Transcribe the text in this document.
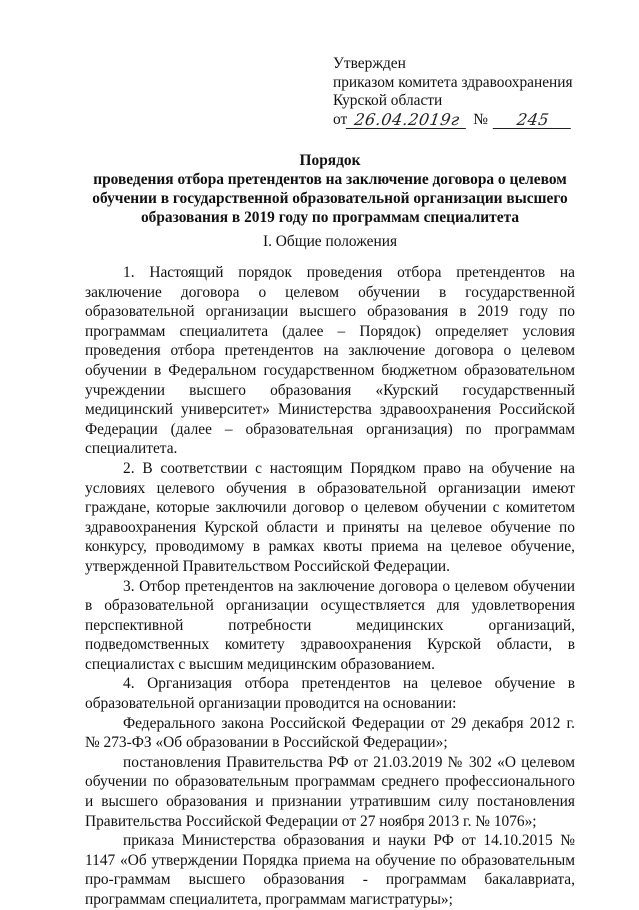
Утвержден
приказом комитета здравоохранения
Курской области
от 26.04.2019г №	245
Порядок
проведения отбора претендентов на заключение договора о целевом обучении в государственной образовательной организации высшего образования в 2019 году по программам специалитета
I. Общие положения

1. Настоящий порядок проведения отбора претендентов на заключение договора о целевом обучении в государственной образовательной организации высшего образования в 2019 году по программам специалитета (далее – Порядок) определяет условия проведения отбора претендентов на заключение договора о целевом обучении в Федеральном государственном бюджетном образовательном учреждении высшего образования «Курский государственный медицинский университет» Министерства здравоохранения Российской Федерации (далее – образовательная организация) по программам специалитета.

2. В соответствии с настоящим Порядком право на обучение на условиях целевого обучения в образовательной организации имеют граждане, которые заключили договор о целевом обучении с комитетом здравоохранения Курской области и приняты на целевое обучение по конкурсу, проводимому в рамках квоты приема на целевое обучение, утвержденной Правительством Российской Федерации.

3. Отбор претендентов на заключение договора о целевом обучении в образовательной организации осуществляется для удовлетворения перспективной потребности медицинских организаций, подведомственных комитету здравоохранения Курской области, в специалистах с высшим медицинским образованием.

4. Организация отбора претендентов на целевое обучение в образовательной организации проводится на основании:

Федерального закона Российской Федерации от 29 декабря 2012 г. № 273-ФЗ «Об образовании в Российской Федерации»;

постановления Правительства РФ от 21.03.2019 № 302 «О целевом обучении по образовательным программам среднего профессионального и высшего образования и признании утратившим силу постановления Правительства Российской Федерации от 27 ноября 2013 г. № 1076»;

приказа Министерства образования и науки РФ от 14.10.2015 № 1147 «Об утверждении Порядка приема на обучение по образовательным про-граммам высшего образования - программам бакалавриата, программам специалитета, программам магистратуры»;
